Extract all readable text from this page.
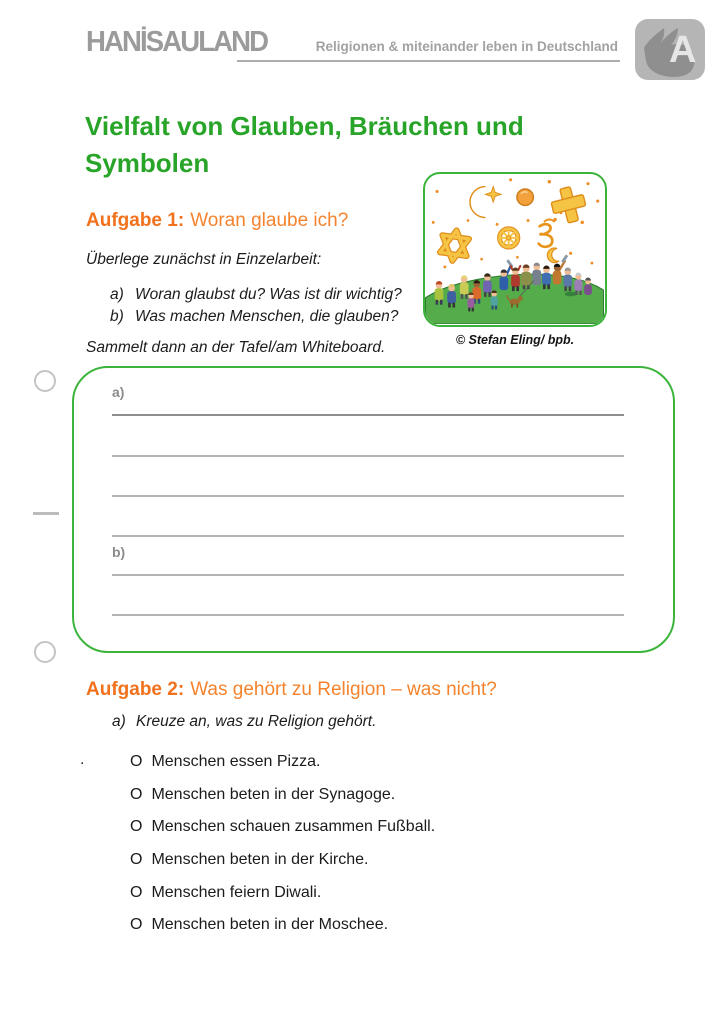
HANİSAULAND	Religionen & miteinander leben in Deutschland A
Vielfalt von Glauben, Bräuchen und
Symbolen
Aufgabe 1: Woran glaube ich?
Überlege zunächst in Einzelarbeit:
a) Woran glaubst du? Was ist dir wichtig?
b) Was machen Menschen, die glauben?
Sammelt dann an der Tafel/am Whiteboard.	© Stefan Eling/ bpb.
a)
b)
Aufgabe 2: Was gehört zu Religion – was nicht?
a) Kreuze an, was zu Religion gehört.
.	O Menschen essen Pizza.
O Menschen beten in der Synagoge.
O Menschen schauen zusammen Fußball.
O Menschen beten in der Kirche.
O Menschen feiern Diwali.
O Menschen beten in der Moschee.
